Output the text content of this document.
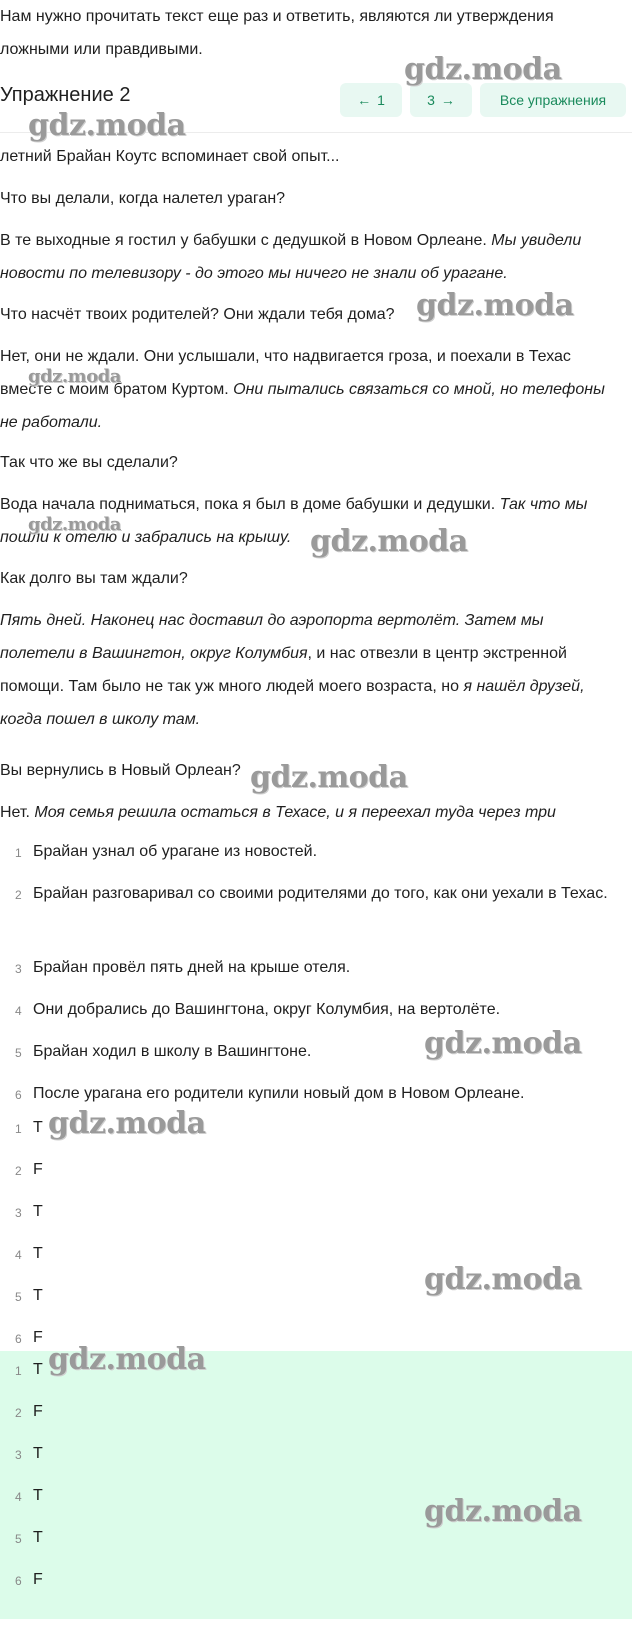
Нам нужно прочитать текст еще раз и ответить, являются ли утверждения ложными или правдивыми.

Упражнение 2	← 1	3 →	Все упражнения

летний Брайан Коутс вспоминает свой опыт...

Что вы делали, когда налетел ураган?

В те выходные я гостил у бабушки с дедушкой в Новом Орлеане. Мы увидели новости по телевизору - до этого мы ничего не знали об урагане.

Что насчёт твоих родителей? Они ждали тебя дома?

Нет, они не ждали. Они услышали, что надвигается гроза, и поехали в Техас вместе с моим братом Куртом. Они пытались связаться со мной, но телефоны не работали.

Так что же вы сделали?

Вода начала подниматься, пока я был в доме бабушки и дедушки. Так что мы пошли к отелю и забрались на крышу.

Как долго вы там ждали?

Пять дней. Наконец нас доставил до аэропорта вертолёт. Затем мы полетели в Вашингтон, округ Колумбия, и нас отвезли в центр экстренной помощи. Там было не так уж много людей моего возраста, но я нашёл друзей, когда пошел в школу там.

Вы вернулись в Новый Орлеан?

Нет. Моя семья решила остаться в Техасе, и я переехал туда через три

1 Брайан узнал об урагане из новостей.
2 Брайан разговаривал со своими родителями до того, как они уехали в Техас.
3 Брайан провёл пять дней на крыше отеля.
4 Они добрались до Вашингтона, округ Колумбия, на вертолёте.
5 Брайан ходил в школу в Вашингтоне.
6 После урагана его родители купили новый дом в Новом Орлеане.
1 T
2 F
3 T
4 T
5 T
6 F
1 T
2 F
3 T
4 T
5 T
6 F
gdz.moda
gdz.moda
gdz.moda
gdz.moda
gdz.moda	gdz.moda
gdz.moda
gdz.moda
gdz.moda
gdz.moda
gdz.moda
gdz.moda
